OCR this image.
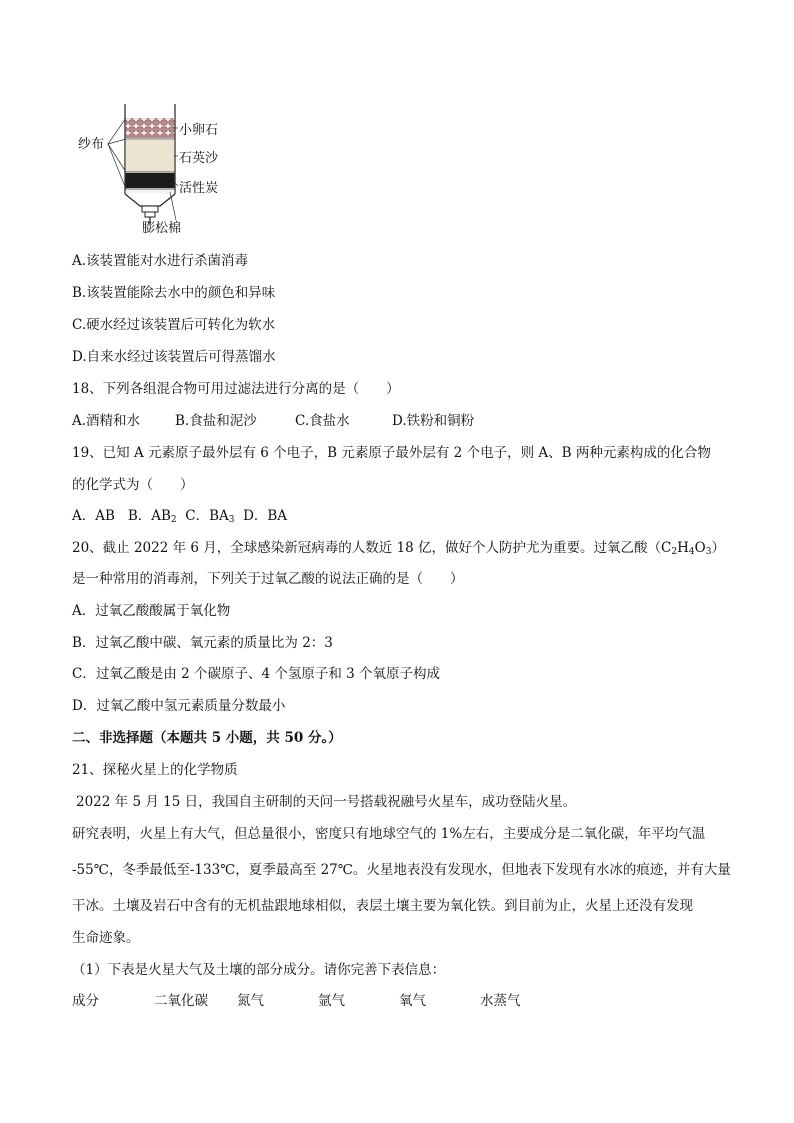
纱布
小卵石
石英沙
活性炭
膨松棉
A.该装置能对水进行杀菌消毒
B.该装置能除去水中的颜色和异味
C.硬水经过该装置后可转化为软水
D.自来水经过该装置后可得蒸馏水
18、下列各组混合物可用过滤法进行分离的是（　　）
A.酒精和水	B.食盐和泥沙	C.食盐水	D.铁粉和铜粉
19、已知 A 元素原子最外层有 6 个电子，B 元素原子最外层有 2 个电子，则 A、B 两种元素构成的化合物
的化学式为（　　）
A．AB B．$AB_2$ C．$BA_3$ D．BA
20、截止 2022 年 6 月，全球感染新冠病毒的人数近 18 亿，做好个人防护尤为重要。过氧乙酸$(C_2H_4O_3)$
是一种常用的消毒剂，下列关于过氧乙酸的说法正确的是（　　）
A．过氧乙酸酸属于氧化物
B．过氧乙酸中碳、氧元素的质量比为 2：3
C．过氧乙酸是由 2 个碳原子、4 个氢原子和 3 个氧原子构成
D．过氧乙酸中氢元素质量分数最小
二、非选择题（本题共 5 小题，共 50 分。）
21、探秘火星上的化学物质
2022 年 5 月 15 日，我国自主研制的天问一号搭载祝融号火星车，成功登陆火星。
研究表明，火星上有大气，但总量很小，密度只有地球空气的 1%左右，主要成分是二氧化碳，年平均气温
-55℃，冬季最低至-133℃，夏季最高至 27℃。火星地表没有发现水，但地表下发现有水冰的痕迹，并有大量
干冰。土壤及岩石中含有的无机盐跟地球相似，表层土壤主要为氧化铁。到目前为止，火星上还没有发现
生命迹象。
（1）下表是火星大气及土壤的部分成分。请你完善下表信息：
成分	二氧化碳 氮气	氩气	氧气	水蒸气
